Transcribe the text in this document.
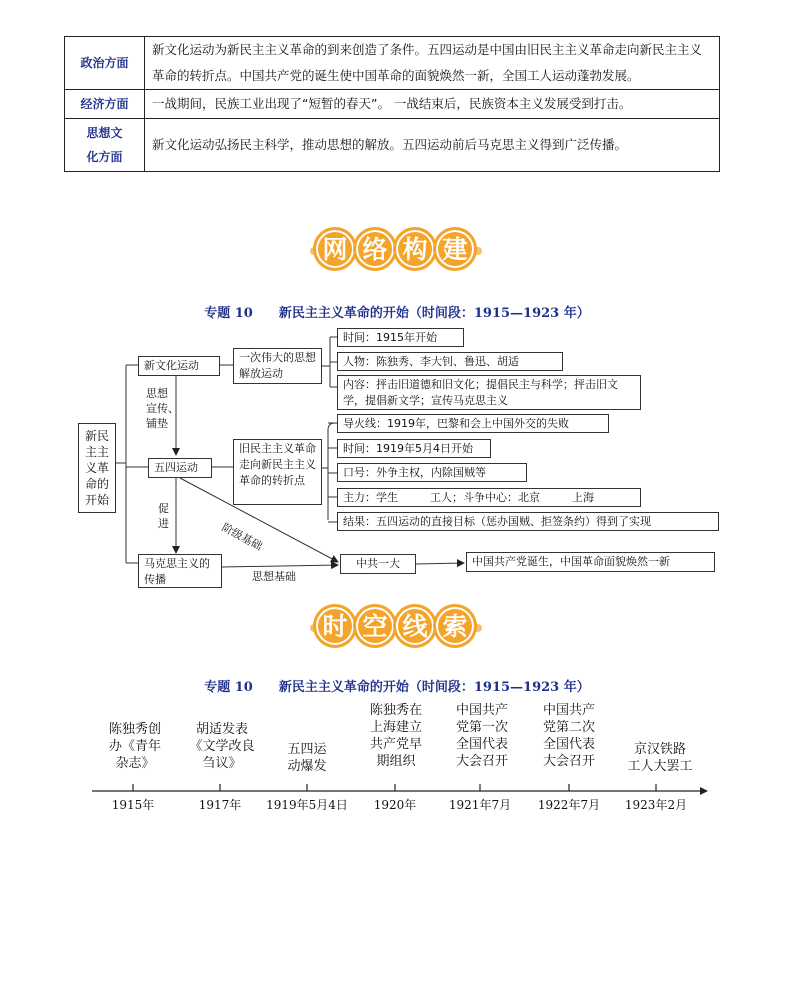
政治方面	新文化运动为新民主主义革命的到来创造了条件。五四运动是中国由旧民主主义革命走向新民主主义革命的转折点。中国共产党的诞生使中国革命的面貌焕然一新，全国工人运动蓬勃发展。
经济方面	一战期间，民族工业出现了“短暂的春天”。 一战结束后，民族资本主义发展受到打击。

思想文
化方面	新文化运动弘扬民主科学，推动思想的解放。五四运动前后马克思主义得到广泛传播。
网 络 构 建
专题 10　　新民主主义革命的开始（时间段：1915—1923 年）
新民
主主
义革
命的
开始
新文化运动
五四运动
马克思主义的传播
一次伟大的思想解放运动
旧民主主义革命走向新民主主义革命的转折点
时间：1915年开始
人物：陈独秀、李大钊、鲁迅、胡适
内容：抨击旧道德和旧文化；提倡民主与科学；抨击旧文学，提倡新文学；宣传马克思主义
导火线：1919年，巴黎和会上中国外交的失败
时间：1919年5月4日开始
口号：外争主权，内除国贼等
主力：学生	工人；斗争中心：北京	上海
结果：五四运动的直接目标（惩办国贼、拒签条约）得到了实现
中共一大	中国共产党诞生，中国革命面貌焕然一新
思想
宣传、
铺垫
促
进	阶级基础
思想基础
时 空 线 索
专题 10　　新民主主义革命的开始（时间段：1915—1923 年）
陈独秀创
办《青年
杂志》
胡适发表
《文学改良
刍议》
五四运
动爆发
陈独秀在
上海建立
共产党早
期组织
中国共产
党第一次
全国代表
大会召开
中国共产
党第二次
全国代表
大会召开
京汉铁路
工人大罢工
1915年	1917年	1919年5月4日	1920年	1921年7月	1922年7月	1923年2月
